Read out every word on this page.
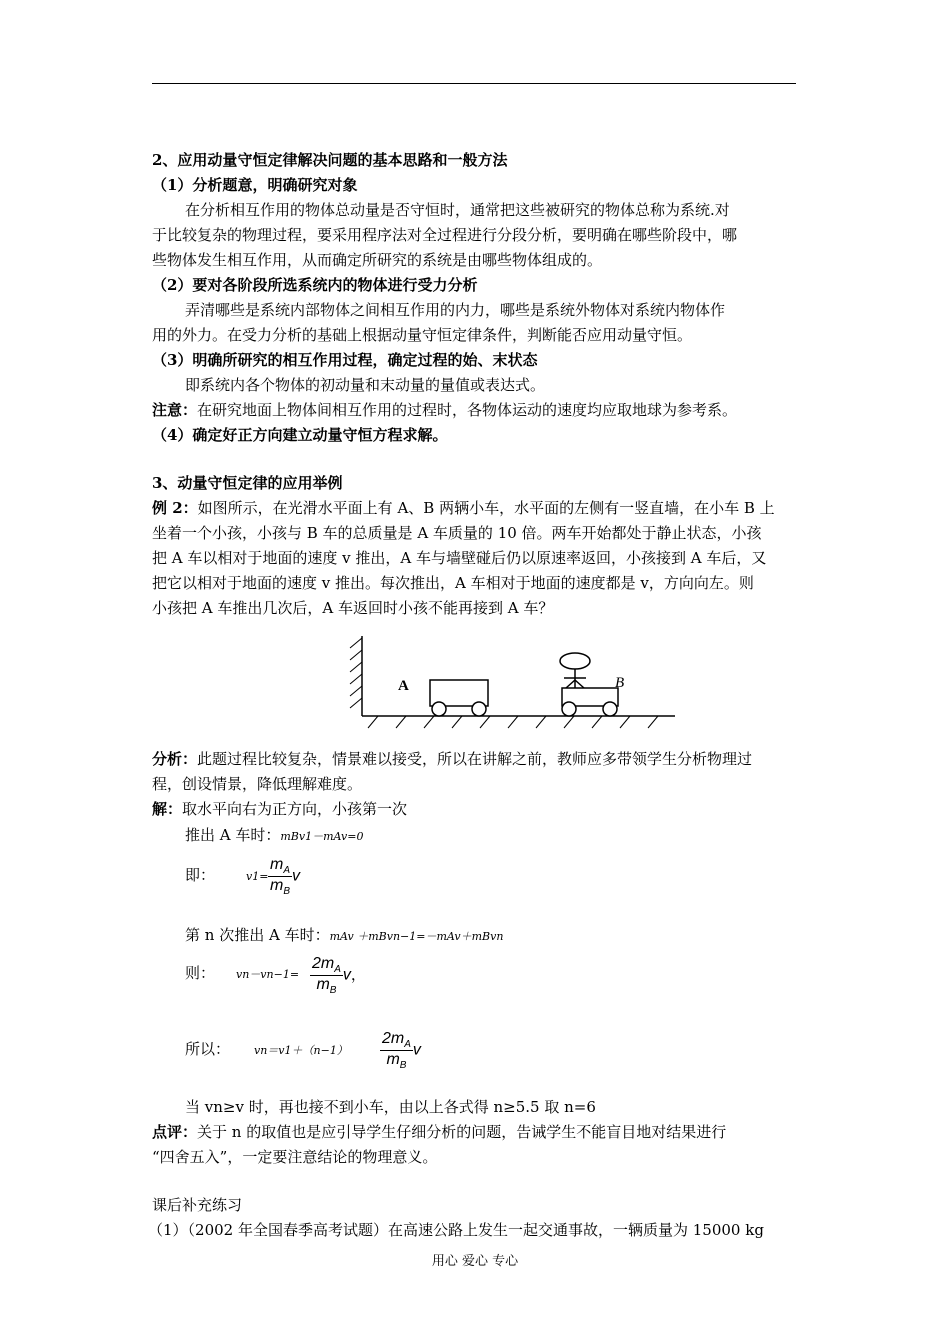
2、应用动量守恒定律解决问题的基本思路和一般方法
（1）分析题意，明确研究对象
在分析相互作用的物体总动量是否守恒时，通常把这些被研究的物体总称为系统.对
于比较复杂的物理过程，要采用程序法对全过程进行分段分析，要明确在哪些阶段中，哪
些物体发生相互作用，从而确定所研究的系统是由哪些物体组成的。
（2）要对各阶段所选系统内的物体进行受力分析
弄清哪些是系统内部物体之间相互作用的内力，哪些是系统外物体对系统内物体作
用的外力。在受力分析的基础上根据动量守恒定律条件，判断能否应用动量守恒。
（3）明确所研究的相互作用过程，确定过程的始、末状态
即系统内各个物体的初动量和末动量的量值或表达式。
注意：在研究地面上物体间相互作用的过程时，各物体运动的速度均应取地球为参考系。
（4）确定好正方向建立动量守恒方程求解。
3、动量守恒定律的应用举例
例 2：如图所示，在光滑水平面上有 A、B 两辆小车，水平面的左侧有一竖直墙，在小车 B 上
坐着一个小孩，小孩与 B 车的总质量是 A 车质量的 10 倍。两车开始都处于静止状态，小孩
把 A 车以相对于地面的速度 v 推出，A 车与墙壁碰后仍以原速率返回，小孩接到 A 车后，又
把它以相对于地面的速度 v 推出。每次推出，A 车相对于地面的速度都是 v，方向向左。则
小孩把 A 车推出几次后，A 车返回时小孩不能再接到 A 车？
A	B
分析：此题过程比较复杂，情景难以接受，所以在讲解之前，教师应多带领学生分析物理过
程，创设情景，降低理解难度。
解：取水平向右为正方向，小孩第一次
推出 A 车时：mBv1－mAv=0
即：	$v1= \frac{m_A}{m_B}$ v
第 n 次推出 A 车时：mAv ＋mBvn−1=－mAv＋mBvn
则： $vn-vn-1= \frac{2m_A}{m_B}$ v，
所以： $vn=v1+(n-1) \frac{2m_A}{m_B}$ v
当 vn≥v 时，再也接不到小车，由以上各式得 n≥5.5 取 n=6
点评：关于 n 的取值也是应引导学生仔细分析的问题，告诫学生不能盲目地对结果进行
“四舍五入”，一定要注意结论的物理意义。
课后补充练习
（1）（2002 年全国春季高考试题）在高速公路上发生一起交通事故，一辆质量为 15000 kg
用心 爱心 专心
